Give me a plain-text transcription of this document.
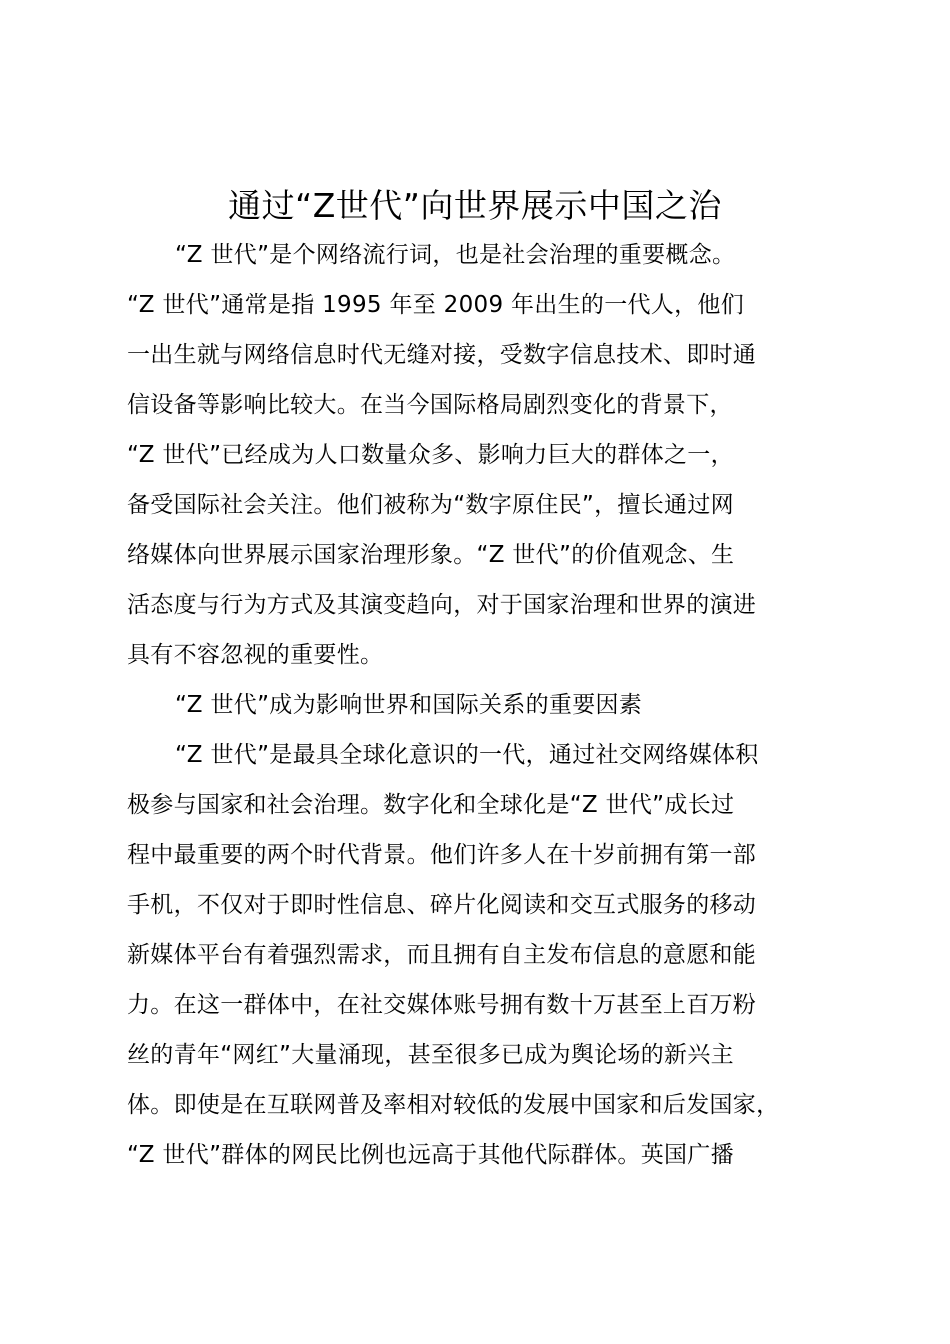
通过“Z世代”向世界展示中国之治
“Z 世代”是个网络流行词，也是社会治理的重要概念。
“Z 世代”通常是指 1995 年至 2009 年出生的一代人，他们
一出生就与网络信息时代无缝对接，受数字信息技术、即时通
信设备等影响比较大。在当今国际格局剧烈变化的背景下，
“Z 世代”已经成为人口数量众多、影响力巨大的群体之一，
备受国际社会关注。他们被称为“数字原住民”，擅长通过网
络媒体向世界展示国家治理形象。“Z 世代”的价值观念、生
活态度与行为方式及其演变趋向，对于国家治理和世界的演进
具有不容忽视的重要性。
“Z 世代”成为影响世界和国际关系的重要因素
“Z 世代”是最具全球化意识的一代，通过社交网络媒体积
极参与国家和社会治理。数字化和全球化是“Z 世代”成长过
程中最重要的两个时代背景。他们许多人在十岁前拥有第一部
手机，不仅对于即时性信息、碎片化阅读和交互式服务的移动
新媒体平台有着强烈需求，而且拥有自主发布信息的意愿和能
力。在这一群体中，在社交媒体账号拥有数十万甚至上百万粉
丝的青年“网红”大量涌现，甚至很多已成为舆论场的新兴主
体。即使是在互联网普及率相对较低的发展中国家和后发国家，
“Z 世代”群体的网民比例也远高于其他代际群体。英国广播
